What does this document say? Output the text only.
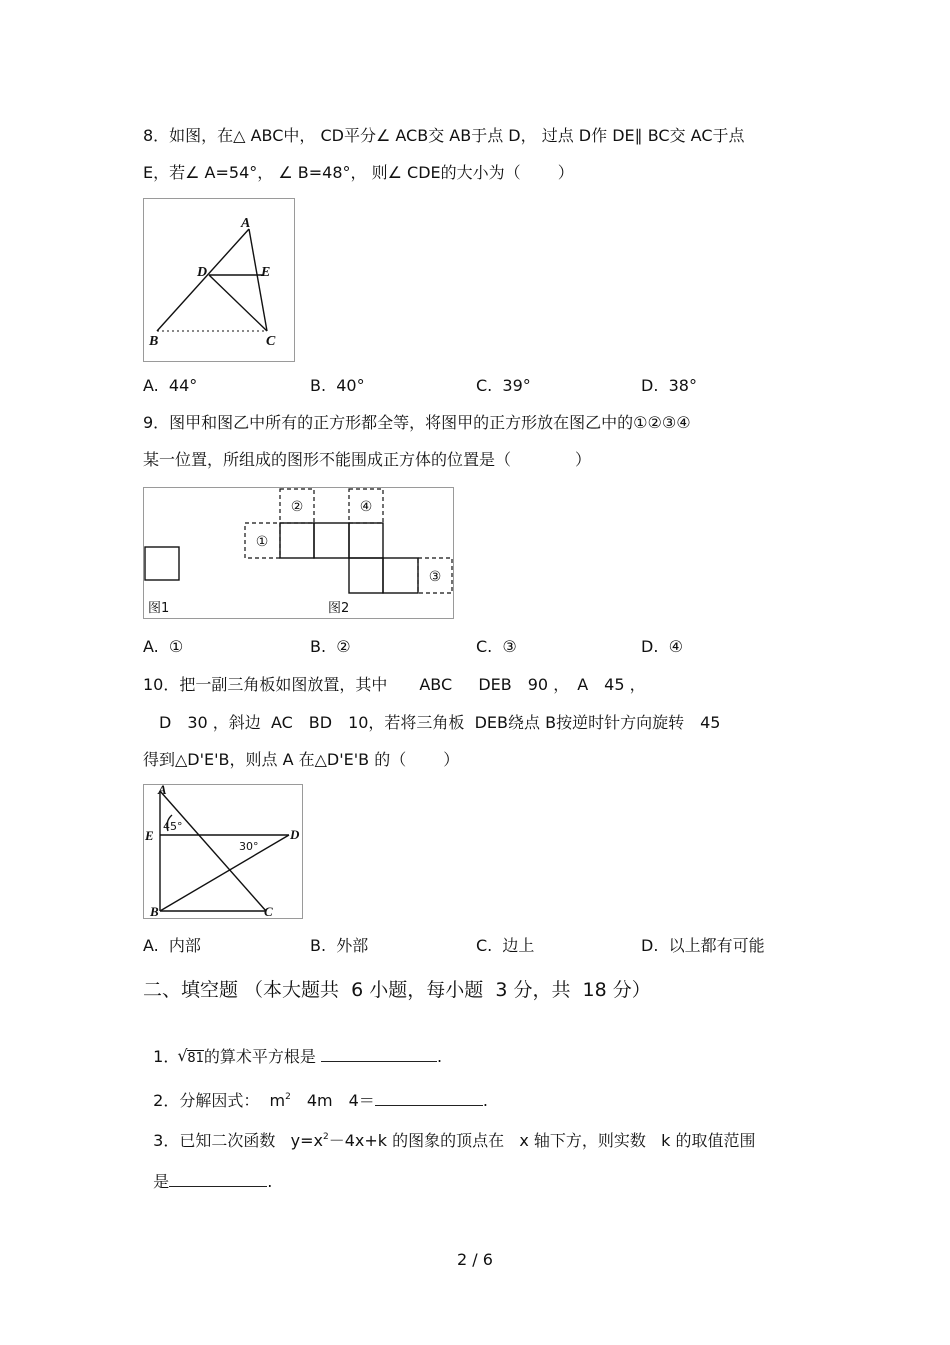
8．如图，在△ ABC中， CD平分∠ ACB交 AB于点 D， 过点 D作 DE∥ BC交 AC于点
E，若∠ A=54°， ∠ B=48°， 则∠ CDE的大小为（　　 ）
A
D	E
B	C
A.  44°	B.  40°	C.  39°	D.  38°
9．图甲和图乙中所有的正方形都全等，将图甲的正方形放在图乙中的①②③④
某一位置，所组成的图形不能围成正方体的位置是（　　　　）
①
②	④
③
图1	图2
A.  ①	B.  ②	C.  ③	D.  ④
10．把一副三角板如图放置，其中　　ABC　  DEB　90 ，　A　45 ，
　D　30 ，斜边  AC　BD　10，若将三角板  DEB绕点 B按逆时针方向旋转　45
得到△D'E'B，则点 A 在△D'E'B 的（　　 ）
A
E	D
B	C
45°
30°
A.  内部	B.  外部	C.  边上	D.  以上都有可能
二、填空题 （本大题共  6 小题，每小题  3 分，共  18 分）

1．√ 81的算术平方根是	.

2．分解因式：  $m^2$　4m　4＝	.

3．已知二次函数   $y=x^2-4x+k$ 的图象的顶点在   x 轴下方，则实数   k 的取值范围

是	.

2 / 6
